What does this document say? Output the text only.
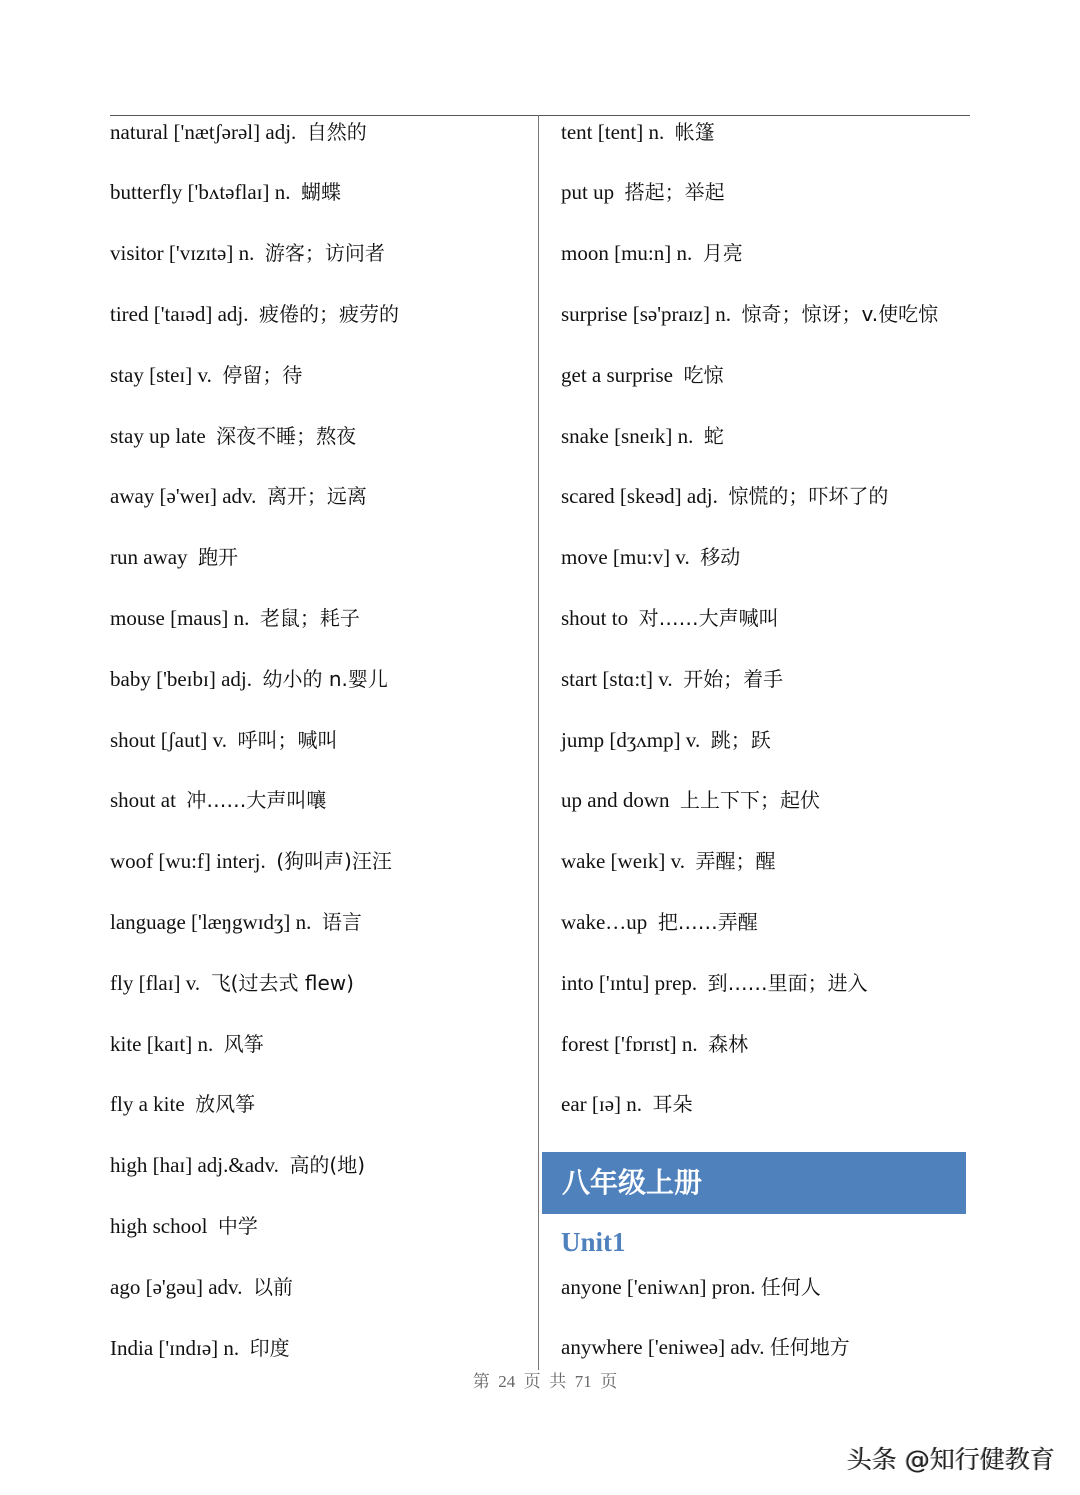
natural ['nætʃərəl] adj. 自然的
butterfly ['bʌtəflaɪ] n. 蝴蝶
visitor ['vɪzɪtə] n. 游客；访问者
tired ['taɪəd] adj. 疲倦的；疲劳的
stay [steɪ] v. 停留；待
stay up late 深夜不睡；熬夜
away [ə'weɪ] adv. 离开；远离
run away 跑开
mouse [maus] n. 老鼠；耗子
baby ['beɪbɪ] adj. 幼小的 n.婴儿
shout [ʃaut] v. 呼叫；喊叫
shout at 冲……大声叫嚷
woof [wu:f] interj. (狗叫声)汪汪
language ['læŋgwɪdʒ] n. 语言
fly [flaɪ] v. 飞(过去式 flew)
kite [kaɪt] n. 风筝
fly a kite 放风筝
high [haɪ] adj.&adv. 高的(地)
high school 中学
ago [ə'gəu] adv. 以前
India ['ɪndɪə] n. 印度
tent [tent] n. 帐篷
put up 搭起；举起
moon [mu:n] n. 月亮
surprise [sə'praɪz] n. 惊奇；惊讶；v.使吃惊
get a surprise 吃惊
snake [sneɪk] n. 蛇
scared [skeəd] adj. 惊慌的；吓坏了的
move [mu:v] v. 移动
shout to 对……大声喊叫
start [stɑ:t] v. 开始；着手
jump [dʒʌmp] v. 跳；跃
up and down 上上下下；起伏
wake [weɪk] v. 弄醒；醒
wake…up 把……弄醒
into ['ɪntu] prep. 到……里面；进入
forest ['fɒrɪst] n. 森林
ear [ɪə] n. 耳朵
八年级上册
Unit1
anyone ['eniwʌn] pron. 任何人
anywhere ['eniweə] adv. 任何地方
第  24  页  共  71  页
头条 @知行健教育
